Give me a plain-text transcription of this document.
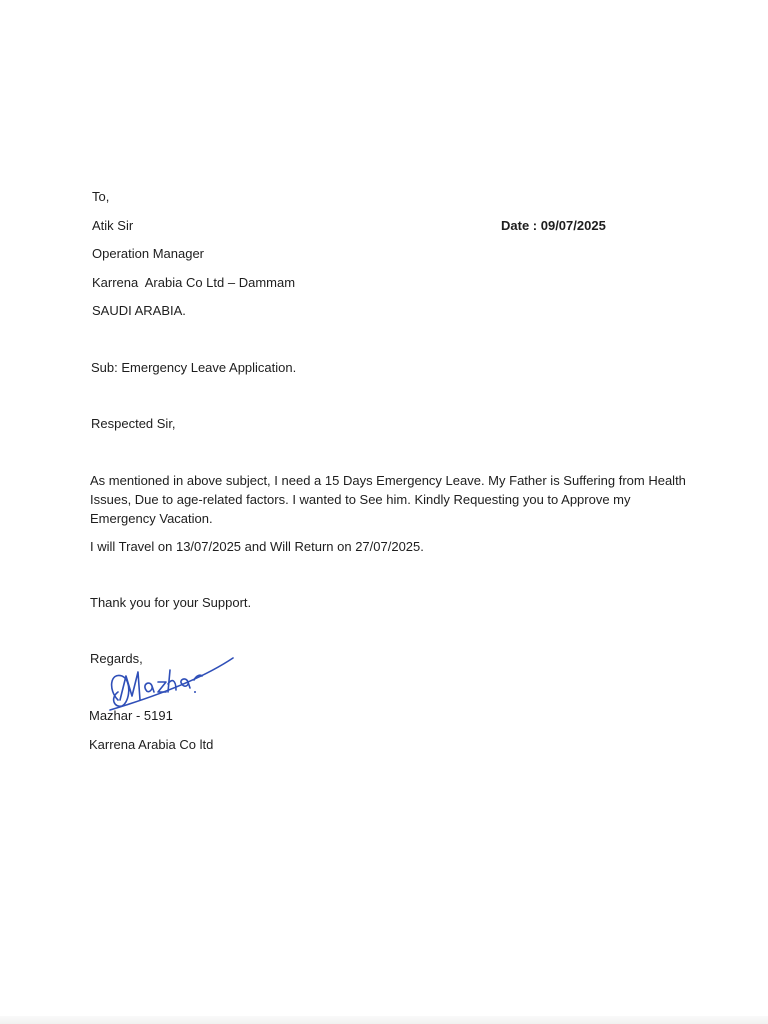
To,
Atik Sir	Date : 09/07/2025
Operation Manager
Karrena  Arabia Co Ltd – Dammam
SAUDI ARABIA.
Sub: Emergency Leave Application.
Respected Sir,
As mentioned in above subject, I need a 15 Days Emergency Leave. My Father is Suffering from Health Issues, Due to age-related factors. I wanted to See him. Kindly Requesting you to Approve my Emergency Vacation.
I will Travel on 13/07/2025 and Will Return on 27/07/2025.
Thank you for your Support.
Regards,
Mazhar - 5191
Karrena Arabia Co ltd
